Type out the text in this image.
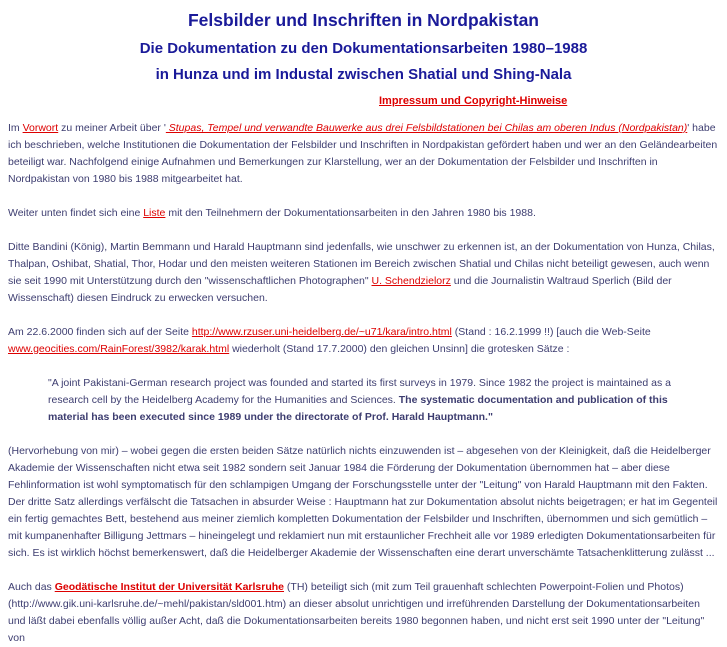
Felsbilder und Inschriften in Nordpakistan
Die Dokumentation zu den Dokumentationsarbeiten 1980–1988
in Hunza und im Industal zwischen Shatial und Shing-Nala
Impressum und Copyright-Hinweise

Im Vorwort zu meiner Arbeit über ' Stupas, Tempel und verwandte Bauwerke aus drei Felsbildstationen bei Chilas am oberen Indus (Nordpakistan)' habe ich beschrieben, welche Institutionen die Dokumentation der Felsbilder und Inschriften in Nordpakistan gefördert haben und wer an den Geländearbeiten beteiligt war. Nachfolgend einige Aufnahmen und Bemerkungen zur Klarstellung, wer an der Dokumentation der Felsbilder und Inschriften in Nordpakistan von 1980 bis 1988 mitgearbeitet hat.

Weiter unten findet sich eine Liste mit den Teilnehmern der Dokumentationsarbeiten in den Jahren 1980 bis 1988.

Ditte Bandini (König), Martin Bemmann und Harald Hauptmann sind jedenfalls, wie unschwer zu erkennen ist, an der Dokumentation von Hunza, Chilas, Thalpan, Oshibat, Shatial, Thor, Hodar und den meisten weiteren Stationen im Bereich zwischen Shatial und Chilas nicht beteiligt gewesen, auch wenn sie seit 1990 mit Unterstützung durch den "wissenschaftlichen Photographen" U. Schendzielorz und die Journalistin Waltraud Sperlich (Bild der Wissenschaft) diesen Eindruck zu erwecken versuchen.

Am 22.6.2000 finden sich auf der Seite http://www.rzuser.uni-heidelberg.de/~u71/kara/intro.html (Stand : 16.2.1999 !!) [auch die Web-Seite www.geocities.com/RainForest/3982/karak.html wiederholt (Stand 17.7.2000) den gleichen Unsinn] die grotesken Sätze :

"A joint Pakistani-German research project was founded and started its first surveys in 1979. Since 1982 the project is maintained as a research cell by the Heidelberg Academy for the Humanities and Sciences. The systematic documentation and publication of this material has been executed since 1989 under the directorate of Prof. Harald Hauptmann."

(Hervorhebung von mir) – wobei gegen die ersten beiden Sätze natürlich nichts einzuwenden ist – abgesehen von der Kleinigkeit, daß die Heidelberger Akademie der Wissenschaften nicht etwa seit 1982 sondern seit Januar 1984 die Förderung der Dokumentation übernommen hat – aber diese Fehlinformation ist wohl symptomatisch für den schlampigen Umgang der Forschungsstelle unter der "Leitung" von Harald Hauptmann mit den Fakten. Der dritte Satz allerdings verfälscht die Tatsachen in absurder Weise : Hauptmann hat zur Dokumentation absolut nichts beigetragen; er hat im Gegenteil ein fertig gemachtes Bett, bestehend aus meiner ziemlich kompletten Dokumentation der Felsbilder und Inschriften, übernommen und sich gemütlich – mit kumpanenhafter Billigung Jettmars – hineingelegt und reklamiert nun mit erstaunlicher Frechheit alle vor 1989 erledigten Dokumentationsarbeiten für sich. Es ist wirklich höchst bemerkenswert, daß die Heidelberger Akademie der Wissenschaften eine derart unverschämte Tatsachenklitterung zulässt ...

Auch das Geodätische Institut der Universität Karlsruhe (TH) beteiligt sich (mit zum Teil grauenhaft schlechten Powerpoint-Folien und Photos) (http://www.gik.uni-karlsruhe.de/~mehl/pakistan/sld001.htm) an dieser absolut unrichtigen und irreführenden Darstellung der Dokumentationsarbeiten und läßt dabei ebenfalls völlig außer Acht, daß die Dokumentationsarbeiten bereits 1980 begonnen haben, und nicht erst seit 1990 unter der "Leitung" von
